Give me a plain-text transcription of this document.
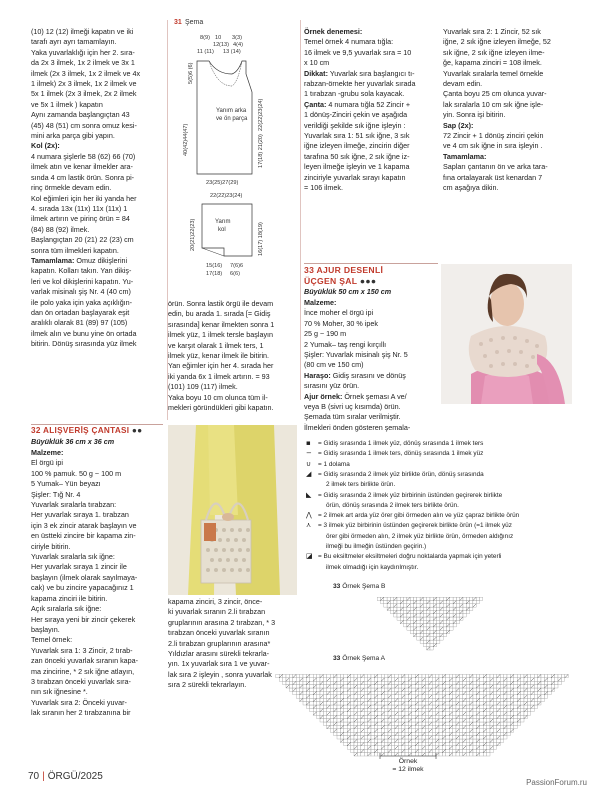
(10) 12 (12) ilmeği kapatın ve iki

tarafı ayrı ayrı tamamlayın.

Yaka yuvarlaklığı için her 2. sıra-

da 2x 3 ilmek, 1x 2 ilmek ve 3x 1

ilmek (2x 3 ilmek, 1x 2 ilmek ve 4x

1 ilmek) 2x 3 ilmek, 1x 2 ilmek ve

5x 1 ilmek (2x 3 ilmek, 2x 2 ilmek

ve 5x 1 ilmek ) kapatın

Aynı zamanda başlangıçtan 43

(45) 48 (51) cm sonra omuz kesi-

mini arka parça gibi yapın.

Kol (2x):

4 numara şişlerle 58 (62) 66 (70)

ilmek atın ve kenar ilmekler ara-

sında 4 cm lastik örün. Sonra pi-

rinç örmekle devam edin.

Kol eğimleri için her iki yanda her

4. sırada 13x (11x) 11x (11x) 1

ilmek artırın ve pirinç örün = 84

(84) 88 (92) ilmek.

Başlangıçtan 20 (21) 22 (23) cm

sonra tüm ilmekleri kapatın.

Tamamlama: Omuz dikişlerini

kapatın. Kolları takın. Yan dikiş-

leri ve kol dikişlerini kapatın. Yu-

varlak misinalı şiş Nr. 4 (40 cm)

ile polo yaka için yaka açıklığın-

dan ön ortadan başlayarak eşit

aralıklı olarak 81 (89) 97 (105)

ilmek alın ve bunu yine ön ortada

bitirin. Dönüş sırasında yüz ilmek

32 ALIŞVERİŞ ÇANTASI ●●

Büyüklük 36 cm x 36 cm

Malzeme:

El örgü ipi

100 % pamuk. 50 g ~ 100 m

5 Yumak– Yün beyazı

Şişler: Tığ Nr. 4

Yuvarlak sıralarla tırabzan:

Her yuvarlak sıraya 1. tırabzan

için 3 ek zincir atarak başlayın ve

en üstteki zincire bir kapama zin-

ciriyle bitirin.

Yuvarlak sıralarla sık iğne:

Her yuvarlak sıraya 1 zincir ile

başlayın (ilmek olarak sayılmaya-

cak) ve bu zincire yapacağınız 1

kapama zinciri ile bitirin.

Açık sıralarla sık iğne:

Her sıraya yeni bir zincir çekerek

başlayın.

Temel örnek:

Yuvarlak sıra 1: 3 Zincir, 2 tırab-

zan önceki yuvarlak sıranın kapa-

ma zincirine, * 2 sık iğne atlayın,

3 tırabzan önceki yuvarlak sıra-

nın sık iğnesine *.

Yuvarlak sıra 2: Önceki yuvar-

lak sıranın her 2 tırabzanına bir

31 Şema
8(9) 10 3(3)
12 (13) 4(4)
11 (11) 13 (14)
Yanım arka
ve ön parça
40(42)44(47)
5(5)6 (6)
22(22)23(24)
17(18) 21(20)
23(25)27(29)
22(22)23(24)
Yarım
kol
20(21)22(23)	16(17) 18(19)
15(16) 7(6)6
17(18) 6(6)

örün. Sonra lastik örgü ile devam

edin, bu arada 1. sırada [= Gidiş

sırasında] kenar ilmekten sonra 1

ilmek yüz, 1 ilmek tersle başlayın

ve karşıt olarak 1 ilmek ters, 1

ilmek yüz, kenar ilmek ile bitirin.

Yan eğimler için her 4. sırada her

iki yanda 6x 1 ilmek artırın. = 93

(101) 109 (117) ilmek.

Yaka boyu 10 cm olunca tüm il-

mekleri göründükleri gibi kapatın.

kapama zinciri, 3 zincir, önce-

ki yuvarlak sıranın 2.li tırabzan

gruplarının arasına 2 tırabzan, * 3

tırabzan önceki yuvarlak sıranın

2.li tırabzan gruplarının arasına*

Yıldızlar arasını sürekli tekrarla-

yın. 1x yuvarlak sıra 1 ve yuvar-

lak sıra 2 işleyin , sonra yuvarlak

sıra 2 sürekli tekrarlayın.

Örnek denemesi:

Temel örnek 4 numara tığla:

16 ilmek ve 9,5 yuvarlak sıra = 10

x 10 cm

Dikkat: Yuvarlak sıra başlangıcı tı-

rabzan-örnekte her yuvarlak sırada

1 tırabzan -grubu sola kayacak.

Çanta: 4 numara tığla 52 Zincir +

1 dönüş-Zinciri çekin ve aşağıda

verildiği şekilde sık iğne işleyin :

Yuvarlak sıra 1: 51 sık iğne, 3 sık

iğne izleyen ilmeğe, zincirin diğer

tarafına 50 sık iğne, 2 sık iğne iz-

leyen ilmeğe işleyin ve 1 kapama

zinciriyle yuvarlak sırayı kapatın

= 106 ilmek.

Yuvarlak sıra 2: 1 Zincir, 52 sık

iğne, 2 sık iğne izleyen ilmeğe, 52

sık iğne, 2 sık iğne izleyen ilme-

ğe, kapama zinciri = 108 ilmek.

Yuvarlak sıralarla temel örnekle

devam edin.

Çanta boyu 25 cm olunca yuvar-

lak sıralarla 10 cm sık iğne işle-

yin. Sonra işi bitirin.

Sap (2x):

72 Zincir + 1 dönüş zinciri çekin

ve 4 cm sık iğne in sıra işleyin .

Tamamlama:

Sapları çantanın ön ve arka tara-

fına ortalayarak üst kenardan 7

cm aşağıya dikin.

33 AJUR DESENLİ
ÜÇGEN ŞAL ●●●

Büyüklük 50 cm x 150 cm

Malzeme:

İnce moher el örgü ipi

70 % Moher, 30 % ipek

25 g ~ 190 m

2 Yumak– taş rengi kırçıllı

Şişler: Yuvarlak misinalı şiş Nr. 5

(80 cm ve 150 cm)

Haraşo: Gidiş sırasını ve dönüş

sırasını yüz örün.

Ajur örnek: Örnek şeması A ve/

veya B (sivri uç kısımda) örün.

Şemada tüm sıralar verilmiştir.

İlmekleri önden gösteren şemala-

▪ = Gidiş sırasında 1 ilmek yüz, dönüş sırasında 1 ilmek ters
− = Gidiş sırasında 1 ilmek ters, dönüş sırasında 1 ilmek yüz
∪ = 1 dolama
◢ = Gidiş sırasında 2 ilmek yüz birlikte örün, dönüş sırasında
2 ilmek ters birlikte örün.
◣ = Gidiş sırasında 2 ilmek yüz birbirinin üstünden geçirerek birlikte
örün, dönüş sırasında 2 ilmek ters birlikte örün.
⋀ = 2 ilmek art arda yüz örer gibi örmeden alın ve yüz çapraz birlikte örün
⋏ = 3 ilmek yüz birbirinin üstünden geçirerek birlikte örün (=1 ilmek yüz
örer gibi örmeden alın, 2 ilmek yüz birlikte örün, örmeden aldığınız
ilmeği bu ilmeğin üstünden geçirin.)
◪ = Bu eksiltmeler eksiltmeleri doğru noktalarda yapmak için yeterli
ilmek olmadığı için kaydırılmıştır.
33 Örnek Şema B
33 Örnek Şema A
Örnek
= 12 ilmek
70 | ÖRGÜ/2025
PassionForum.ru
